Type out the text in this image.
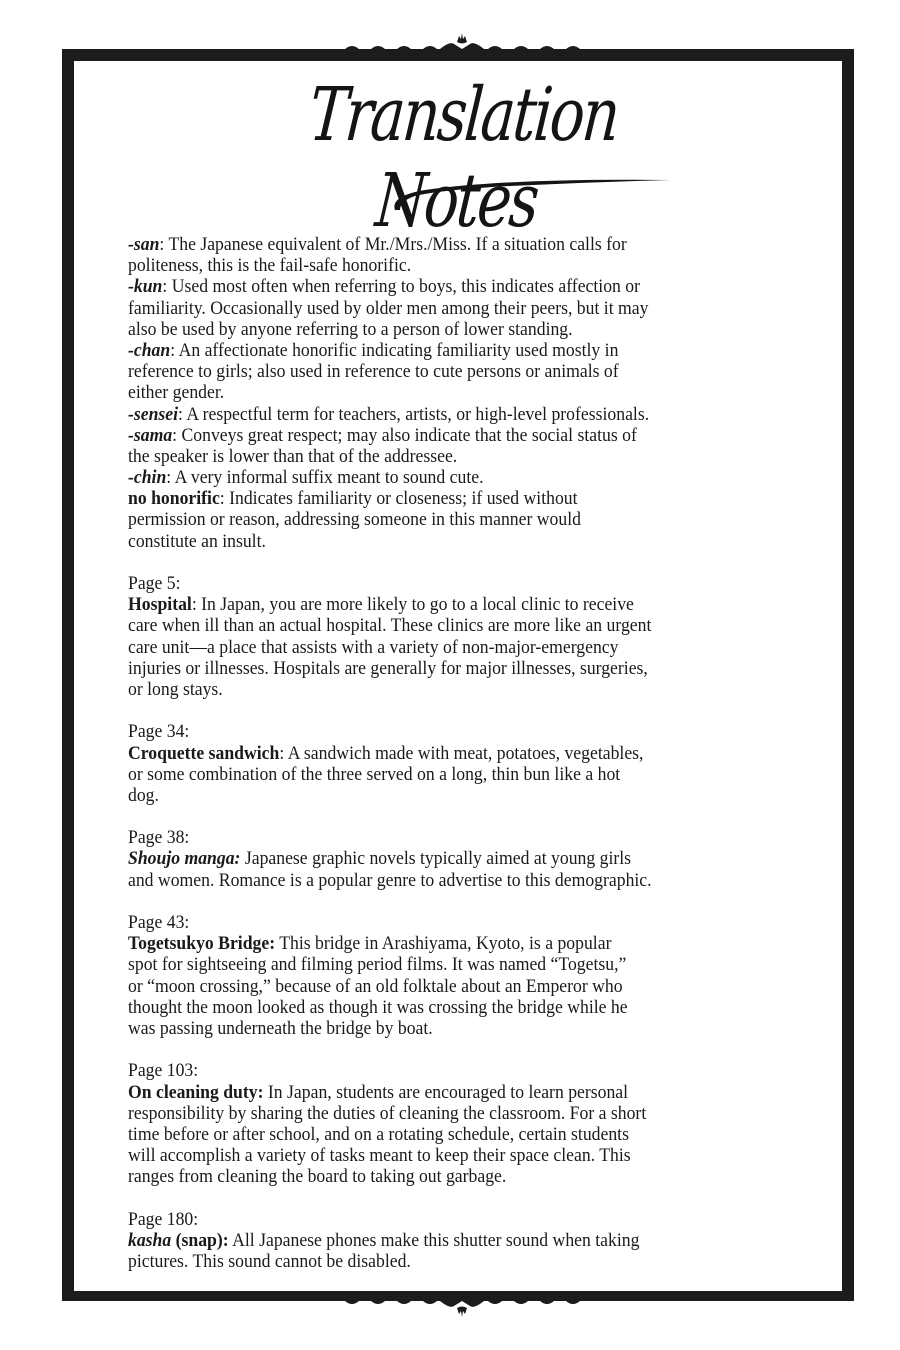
Translation Notes
-san: The Japanese equivalent of Mr./Mrs./Miss. If a situation calls for
politeness, this is the fail-safe honorific.
-kun: Used most often when referring to boys, this indicates affection or
familiarity. Occasionally used by older men among their peers, but it may
also be used by anyone referring to a person of lower standing.
-chan: An affectionate honorific indicating familiarity used mostly in
reference to girls; also used in reference to cute persons or animals of
either gender.
-sensei: A respectful term for teachers, artists, or high-level professionals.
-sama: Conveys great respect; may also indicate that the social status of
the speaker is lower than that of the addressee.
-chin: A very informal suffix meant to sound cute.
no honorific: Indicates familiarity or closeness; if used without
permission or reason, addressing someone in this manner would
constitute an insult.
Page 5:
Hospital: In Japan, you are more likely to go to a local clinic to receive
care when ill than an actual hospital. These clinics are more like an urgent
care unit—a place that assists with a variety of non-major-emergency
injuries or illnesses. Hospitals are generally for major illnesses, surgeries,
or long stays.
Page 34:
Croquette sandwich: A sandwich made with meat, potatoes, vegetables,
or some combination of the three served on a long, thin bun like a hot
dog.
Page 38:
Shoujo manga: Japanese graphic novels typically aimed at young girls
and women. Romance is a popular genre to advertise to this demographic.
Page 43:
Togetsukyo Bridge: This bridge in Arashiyama, Kyoto, is a popular
spot for sightseeing and filming period films. It was named “Togetsu,”
or “moon crossing,” because of an old folktale about an Emperor who
thought the moon looked as though it was crossing the bridge while he
was passing underneath the bridge by boat.
Page 103:
On cleaning duty: In Japan, students are encouraged to learn personal
responsibility by sharing the duties of cleaning the classroom. For a short
time before or after school, and on a rotating schedule, certain students
will accomplish a variety of tasks meant to keep their space clean. This
ranges from cleaning the board to taking out garbage.
Page 180:
kasha (snap): All Japanese phones make this shutter sound when taking
pictures. This sound cannot be disabled.
